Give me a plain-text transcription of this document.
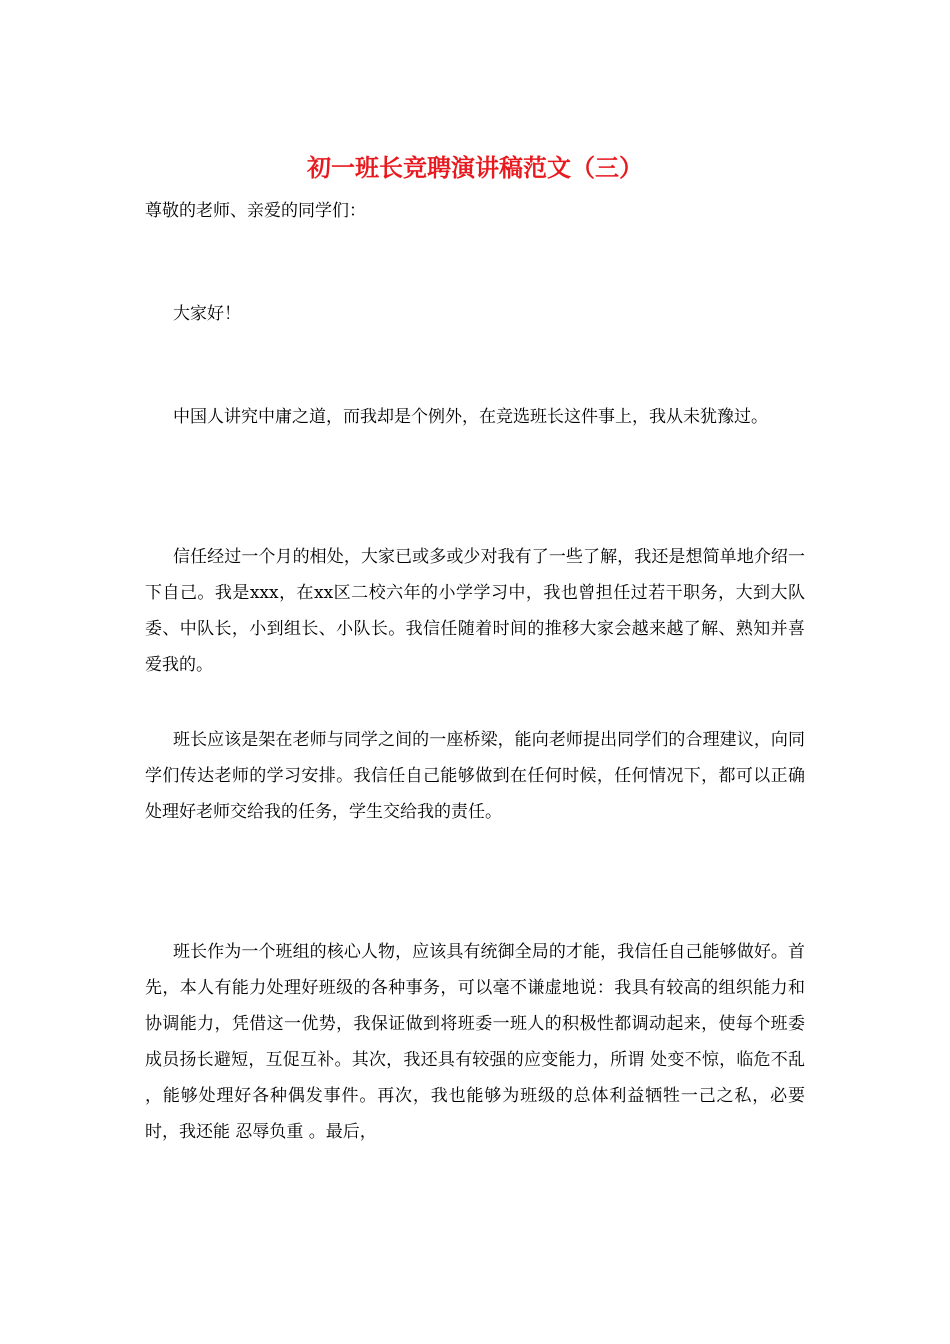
初一班长竞聘演讲稿范文（三）

尊敬的老师、亲爱的同学们：

大家好！

中国人讲究中庸之道，而我却是个例外，在竞选班长这件事上，我从未犹豫过。

信任经过一个月的相处，大家已或多或少对我有了一些了解，我还是想简单地介绍一下自己。我是xxx，在xx区二校六年的小学学习中，我也曾担任过若干职务，大到大队委、中队长，小到组长、小队长。我信任随着时间的推移大家会越来越了解、熟知并喜爱我的。

班长应该是架在老师与同学之间的一座桥梁，能向老师提出同学们的合理建议，向同学们传达老师的学习安排。我信任自己能够做到在任何时候，任何情况下，都可以正确处理好老师交给我的任务，学生交给我的责任。

班长作为一个班组的核心人物，应该具有统御全局的才能，我信任自己能够做好。首先，本人有能力处理好班级的各种事务，可以毫不谦虚地说：我具有较高的组织能力和协调能力，凭借这一优势，我保证做到将班委一班人的积极性都调动起来，使每个班委成员扬长避短，互促互补。其次，我还具有较强的应变能力，所谓 处变不惊，临危不乱 ，能够处理好各种偶发事件。再次，我也能够为班级的总体利益牺牲一己之私，必要时，我还能 忍辱负重 。最后，
